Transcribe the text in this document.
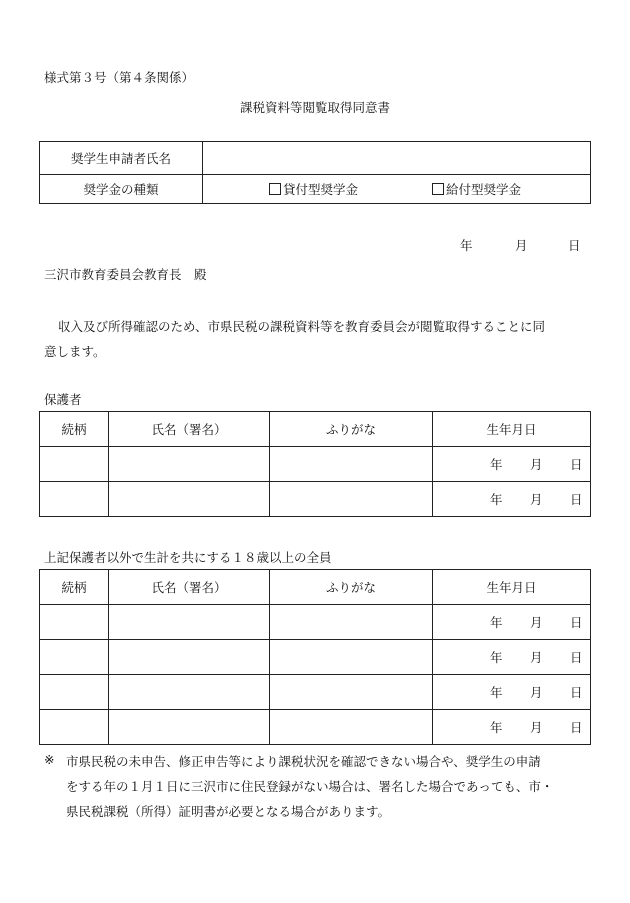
様式第３号（第４条関係）
課税資料等閲覧取得同意書
奨学生申請者氏名	
奨学金の種類	貸付型奨学金 給付型奨学金
年	月	日
三沢市教育委員会教育長　殿
収入及び所得確認のため、市県民税の課税資料等を教育委員会が閲覧取得することに同
意します。
保護者
続柄	氏名（署名）	ふりがな	生年月日

			年 月 日

			年 月 日
上記保護者以外で生計を共にする１８歳以上の全員
続柄	氏名（署名）	ふりがな	生年月日

			年 月 日

			年 月 日

			年 月 日

			年 月 日
※ 市県民税の未申告、修正申告等により課税状況を確認できない場合や、奨学生の申請
をする年の１月１日に三沢市に住民登録がない場合は、署名した場合であっても、市・
県民税課税（所得）証明書が必要となる場合があります。
